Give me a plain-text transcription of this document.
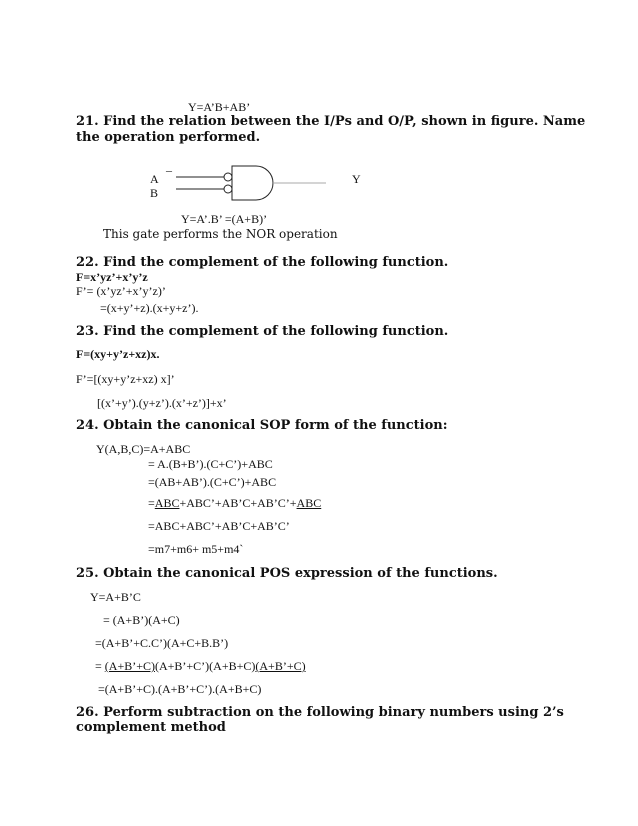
Y=A’B+AB’
21. Find the relation between the I/Ps and O/P, shown in figure. Name
the operation performed.
A
–
B
Y
Y=A’.B’ =(A+B)’
This gate performs the NOR operation
22. Find the complement of the following function.
F=x’yz’+x’y’z
F’= (x’yz’+x’y’z)’
=(x+y’+z).(x+y+z’).
23. Find the complement of the following function.
F=(xy+y’z+xz)x.
F’=[(xy+y’z+xz) x]’
[(x’+y’).(y+z’).(x’+z’)]+x’
24. Obtain the canonical SOP form of the function:
Y(A,B,C)=A+ABC
= A.(B+B’).(C+C’)+ABC
=(AB+AB’).(C+C’)+ABC
=ABC+ABC’+AB’C+AB’C’+ABC
=ABC+ABC’+AB’C+AB’C’
=m7+m6+ m5+m4`
25. Obtain the canonical POS expression of the functions.
Y=A+B’C
= (A+B’)(A+C)
=(A+B’+C.C’)(A+C+B.B’)
= (A+B’+C)(A+B’+C’)(A+B+C)(A+B’+C)
=(A+B’+C).(A+B’+C’).(A+B+C)
26. Perform subtraction on the following binary numbers using 2’s
complement method
